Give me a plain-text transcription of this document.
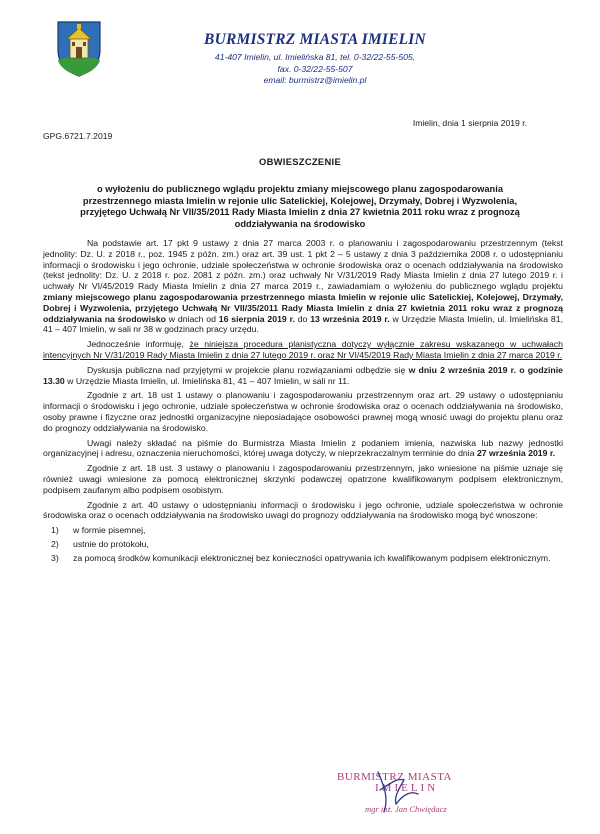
BURMISTRZ MIASTA IMIELIN
41-407 Imielin, ul. Imielińska 81, tel. 0-32/22-55-505,
fax. 0-32/22-55-507
email: burmistrz@imielin.pl
Imielin, dnia 1 sierpnia 2019 r.
GPG.6721.7.2019
OBWIESZCZENIE
o wyłożeniu do publicznego wglądu projektu zmiany miejscowego planu zagospodarowania przestrzennego miasta Imielin w rejonie ulic Satelickiej, Kolejowej, Drzymały, Dobrej i Wyzwolenia, przyjętego Uchwałą Nr VII/35/2011 Rady Miasta Imielin z dnia 27 kwietnia 2011 roku wraz z prognozą oddziaływania na środowisko

Na podstawie art. 17 pkt 9 ustawy z dnia 27 marca 2003 r. o planowaniu i zagospodarowaniu przestrzennym (tekst jednolity: Dz. U. z 2018 r., poz. 1945 z późn. zm.) oraz art. 39 ust. 1 pkt 2 – 5 ustawy z dnia 3 października 2008 r. o udostępnianiu informacji o środowisku i jego ochronie, udziale społeczeństwa w ochronie środowiska oraz o ocenach oddziaływania na środowisko (tekst jednolity: Dz. U. z 2018 r. poz. 2081 z późn. zm.) oraz uchwały Nr V/31/2019 Rady Miasta Imielin z dnia 27 lutego 2019 r. i uchwały Nr VI/45/2019 Rady Miasta Imielin z dnia 27 marca 2019 r., zawiadamiam o wyłożeniu do publicznego wglądu projektu zmiany miejscowego planu zagospodarowania przestrzennego miasta Imielin w rejonie ulic Satelickiej, Kolejowej, Drzymały, Dobrej i Wyzwolenia, przyjętego Uchwałą Nr VII/35/2011 Rady Miasta Imielin z dnia 27 kwietnia 2011 roku wraz z prognozą oddziaływania na środowisko w dniach od 16 sierpnia 2019 r. do 13 września 2019 r. w Urzędzie Miasta Imielin, ul. Imielińska 81, 41 – 407 Imielin, w sali nr 38 w godzinach pracy urzędu.

Jednocześnie informuję, że niniejsza procedura planistyczna dotyczy wyłącznie zakresu wskazanego w uchwałach intencyjnych Nr V/31/2019 Rady Miasta Imielin z dnia 27 lutego 2019 r. oraz Nr VI/45/2019 Rady Miasta Imielin z dnia 27 marca 2019 r.

Dyskusja publiczna nad przyjętymi w projekcie planu rozwiązaniami odbędzie się w dniu 2 września 2019 r. o godzinie 13.30 w Urzędzie Miasta Imielin, ul. Imielińska 81, 41 – 407 Imielin, w sali nr 11.

Zgodnie z art. 18 ust 1 ustawy o planowaniu i zagospodarowaniu przestrzennym oraz art. 29 ustawy o udostępnianiu informacji o środowisku i jego ochronie, udziale społeczeństwa w ochronie środowiska oraz o ocenach oddziaływania na środowisko, osoby prawne i fizyczne oraz jednostki organizacyjne nieposiadające osobowości prawnej mogą wnosić uwagi do projektu planu oraz do prognozy oddziaływania na środowisko.

Uwagi należy składać na piśmie do Burmistrza Miasta Imielin z podaniem imienia, nazwiska lub nazwy jednostki organizacyjnej i adresu, oznaczenia nieruchomości, której uwaga dotyczy, w nieprzekraczalnym terminie do dnia 27 września 2019 r.

Zgodnie z art. 18 ust. 3 ustawy o planowaniu i zagospodarowaniu przestrzennym, jako wniesione na piśmie uznaje się również uwagi wniesione za pomocą elektronicznej skrzynki podawczej opatrzone kwalifikowanym podpisem elektronicznym, podpisem zaufanym albo podpisem osobistym.

Zgodnie z art. 40 ustawy o udostępnianiu informacji o środowisku i jego ochronie, udziale społeczeństwa w ochronie środowiska oraz o ocenach oddziaływania na środowisko uwagi do prognozy oddziaływania na środowisko mogą być wnoszone:

1) w formie pisemnej,
2) ustnie do protokołu,
3) za pomocą środków komunikacji elektronicznej bez konieczności opatrywania ich kwalifikowanym podpisem elektronicznym.
BURMISTRZ MIASTA
IMIELIN
mgr inż. Jan Chwiędacz
